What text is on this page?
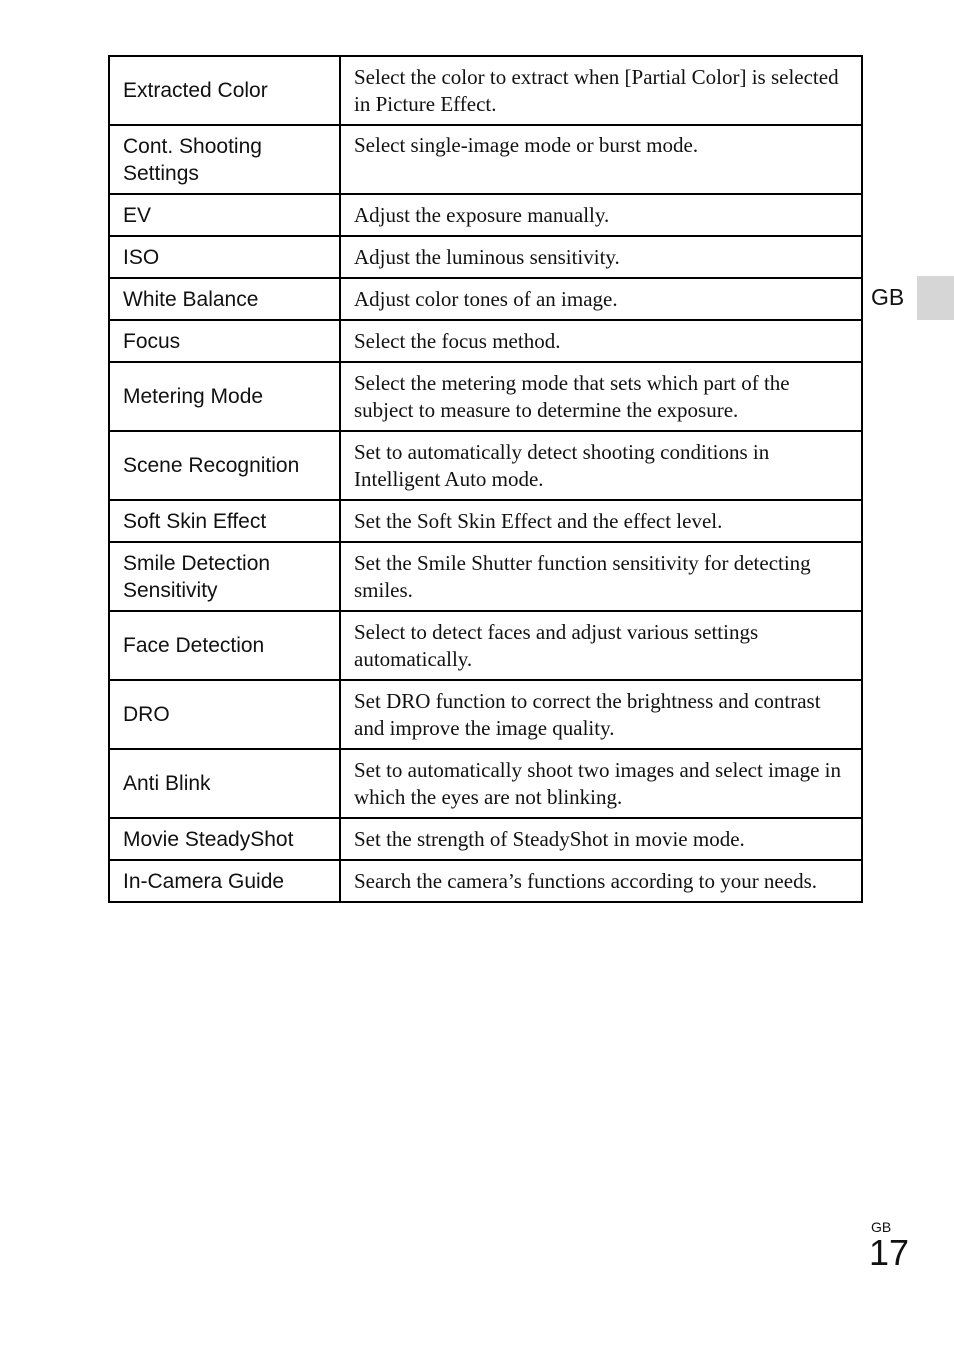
Extracted Color	Select the color to extract when [Partial Color] is selected in Picture Effect.
Cont. Shooting Settings	Select single-image mode or burst mode.
EV	Adjust the exposure manually.
ISO	Adjust the luminous sensitivity.
White Balance	Adjust color tones of an image.
Focus	Select the focus method.
Metering Mode	Select the metering mode that sets which part of the subject to measure to determine the exposure.
Scene Recognition	Set to automatically detect shooting conditions in Intelligent Auto mode.
Soft Skin Effect	Set the Soft Skin Effect and the effect level.
Smile Detection Sensitivity	Set the Smile Shutter function sensitivity for detecting smiles.
Face Detection	Select to detect faces and adjust various settings automatically.
DRO	Set DRO function to correct the brightness and contrast and improve the image quality.
Anti Blink	Set to automatically shoot two images and select image in which the eyes are not blinking.
Movie SteadyShot	Set the strength of SteadyShot in movie mode.
In-Camera Guide	Search the camera’s functions according to your needs.
GB
GB
17
